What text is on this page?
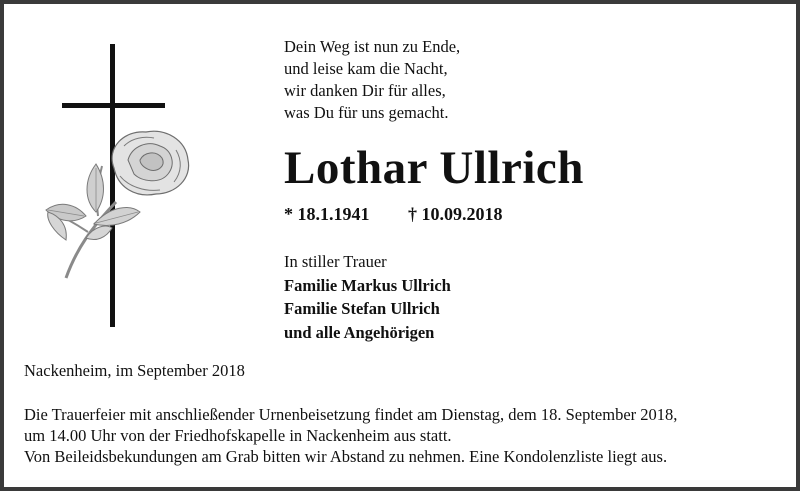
Dein Weg ist nun zu Ende,
und leise kam die Nacht,
wir danken Dir für alles,
was Du für uns gemacht.
Lothar Ullrich
* 18.1.1941 † 10.09.2018
In stiller Trauer
Familie Markus Ullrich
Familie Stefan Ullrich
und alle Angehörigen
Nackenheim, im September 2018
Die Trauerfeier mit anschließender Urnenbeisetzung findet am Dienstag, dem 18. September 2018,
um 14.00 Uhr von der Friedhofskapelle in Nackenheim aus statt.
Von Beileidsbekundungen am Grab bitten wir Abstand zu nehmen. Eine Kondolenzliste liegt aus.
